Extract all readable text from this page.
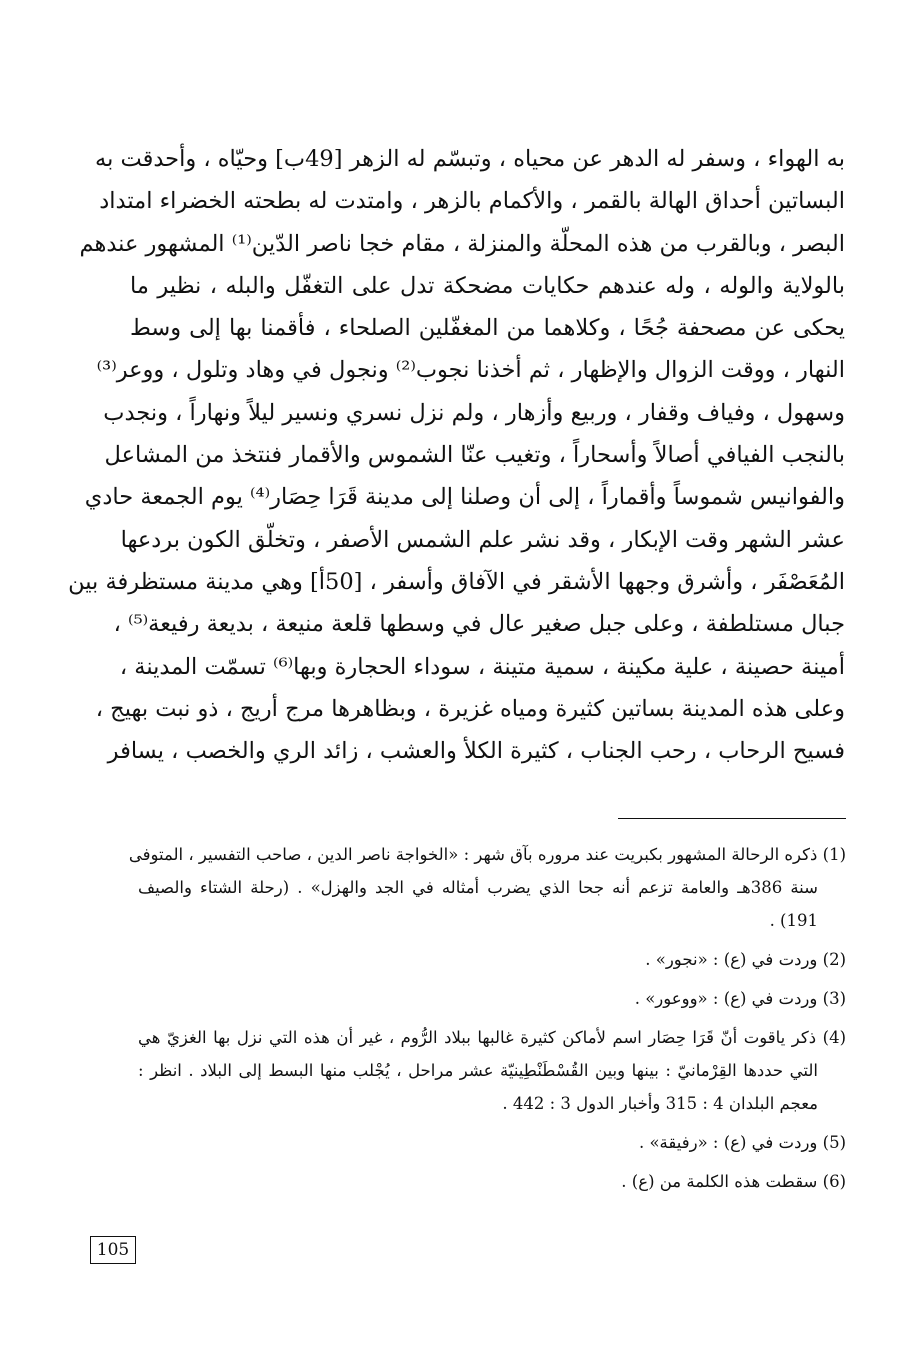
به الهواء ، وسفر له الدهر عن محياه ، وتبسّم له الزهر [49ب] وحيّاه ، وأحدقت به
البساتين أحداق الهالة بالقمر ، والأكمام بالزهر ، وامتدت له بطحته الخضراء امتداد
البصر ، وبالقرب من هذه المحلّة والمنزلة ، مقام خجا ناصر الدّين⁽¹⁾ المشهور عندهم
بالولاية والوله ، وله عندهم حكايات مضحكة تدل على التغفّل والبله ، نظير ما
يحكى عن مصحفة جُحًا ، وكلاهما من المغفّلين الصلحاء ، فأقمنا بها إلى وسط
النهار ، ووقت الزوال والإظهار ، ثم أخذنا نجوب⁽²⁾ ونجول في وهاد وتلول ، ووعر⁽³⁾
وسهول ، وفياف وقفار ، وربيع وأزهار ، ولم نزل نسري ونسير ليلاً ونهاراً ، ونجدب
بالنجب الفيافي أصالاً وأسحاراً ، وتغيب عنّا الشموس والأقمار فنتخذ من المشاعل
والفوانيس شموساً وأقماراً ، إلى أن وصلنا إلى مدينة قَرَا حِصَار⁽⁴⁾ يوم الجمعة حادي
عشر الشهر وقت الإبكار ، وقد نشر علم الشمس الأصفر ، وتخلّق الكون بردعها
المُعَصْفَر ، وأشرق وجهها الأشقر في الآفاق وأسفر ، [50أ] وهي مدينة مستظرفة بين
جبال مستلطفة ، وعلى جبل صغير عال في وسطها قلعة منيعة ، بديعة رفيعة⁽⁵⁾ ،
أمينة حصينة ، علية مكينة ، سمية متينة ، سوداء الحجارة وبها⁽⁶⁾ تسمّت المدينة ،
وعلى هذه المدينة بساتين كثيرة ومياه غزيرة ، وبظاهرها مرج أريج ، ذو نبت بهيج ،
فسيح الرحاب ، رحب الجناب ، كثيرة الكلأ والعشب ، زائد الري والخصب ، يسافر
(1) ذكره الرحالة المشهور بكبريت عند مروره بآق شهر : «الخواجة ناصر الدين ، صاحب التفسير ، المتوفى
سنة 386هـ والعامة تزعم أنه جحا الذي يضرب أمثاله في الجد والهزل» . (رحلة الشتاء والصيف
191) .
(2) وردت في (ع) : «نجور» .
(3) وردت في (ع) : «ووعور» .
(4) ذكر ياقوت أنّ قَرَا حِصَار اسم لأماكن كثيرة غالبها ببلاد الرُّوم ، غير أن هذه التي نزل بها الغزيّ هي
التي حددها القِرْمانيّ : بينها وبين القُسْطَنْطِينيّة عشر مراحل ، يُجْلب منها البسط إلى البلاد . انظر :
معجم البلدان 4 : 315 وأخبار الدول 3 : 442 .
(5) وردت في (ع) : «رفيقة» .
(6) سقطت هذه الكلمة من (ع) .
105
